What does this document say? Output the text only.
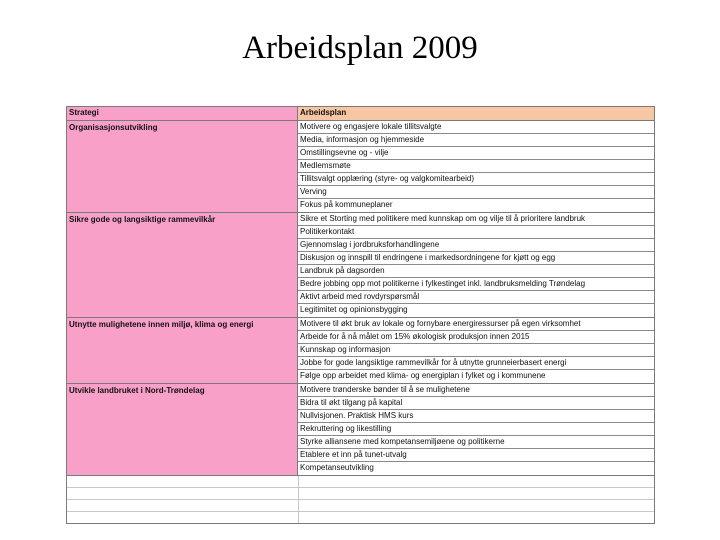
Arbeidsplan 2009
Strategi	Arbeidsplan
Organisasjonsutvikling	Motivere og engasjere lokale tillitsvalgte
Media, informasjon og hjemmeside
Omstillingsevne og - vilje
Medlemsmøte
Tillitsvalgt opplæring (styre- og valgkomitearbeid)
Verving
Fokus på kommuneplaner
Sikre gode og langsiktige rammevilkår	Sikre et Storting med politikere med kunnskap om og vilje til å prioritere landbruk
Politikerkontakt
Gjennomslag i jordbruksforhandlingene
Diskusjon og innspill til endringene i markedsordningene for kjøtt og egg
Landbruk på dagsorden
Bedre jobbing opp mot politikerne i fylkestinget inkl. landbruksmelding Trøndelag
Aktivt arbeid med rovdyrspørsmål
Legitimitet og opinionsbygging
Utnytte mulighetene innen miljø, klima og energi	Motivere til økt bruk av lokale og fornybare energiressurser på egen virksomhet
Arbeide for å nå målet om 15% økologisk produksjon innen 2015
Kunnskap og informasjon
Jobbe for gode langsiktige rammevilkår for å utnytte grunneierbasert energi
Følge opp arbeidet med klima- og energiplan i fylket og i kommunene
Utvikle landbruket i Nord-Trøndelag	Motivere trønderske bønder til å se mulighetene
Bidra til økt tilgang på kapital
Nullvisjonen. Praktisk HMS kurs
Rekruttering og likestilling
Styrke alliansene med kompetansemiljøene og politikerne
Etablere et inn på tunet-utvalg
Kompetanseutvikling
